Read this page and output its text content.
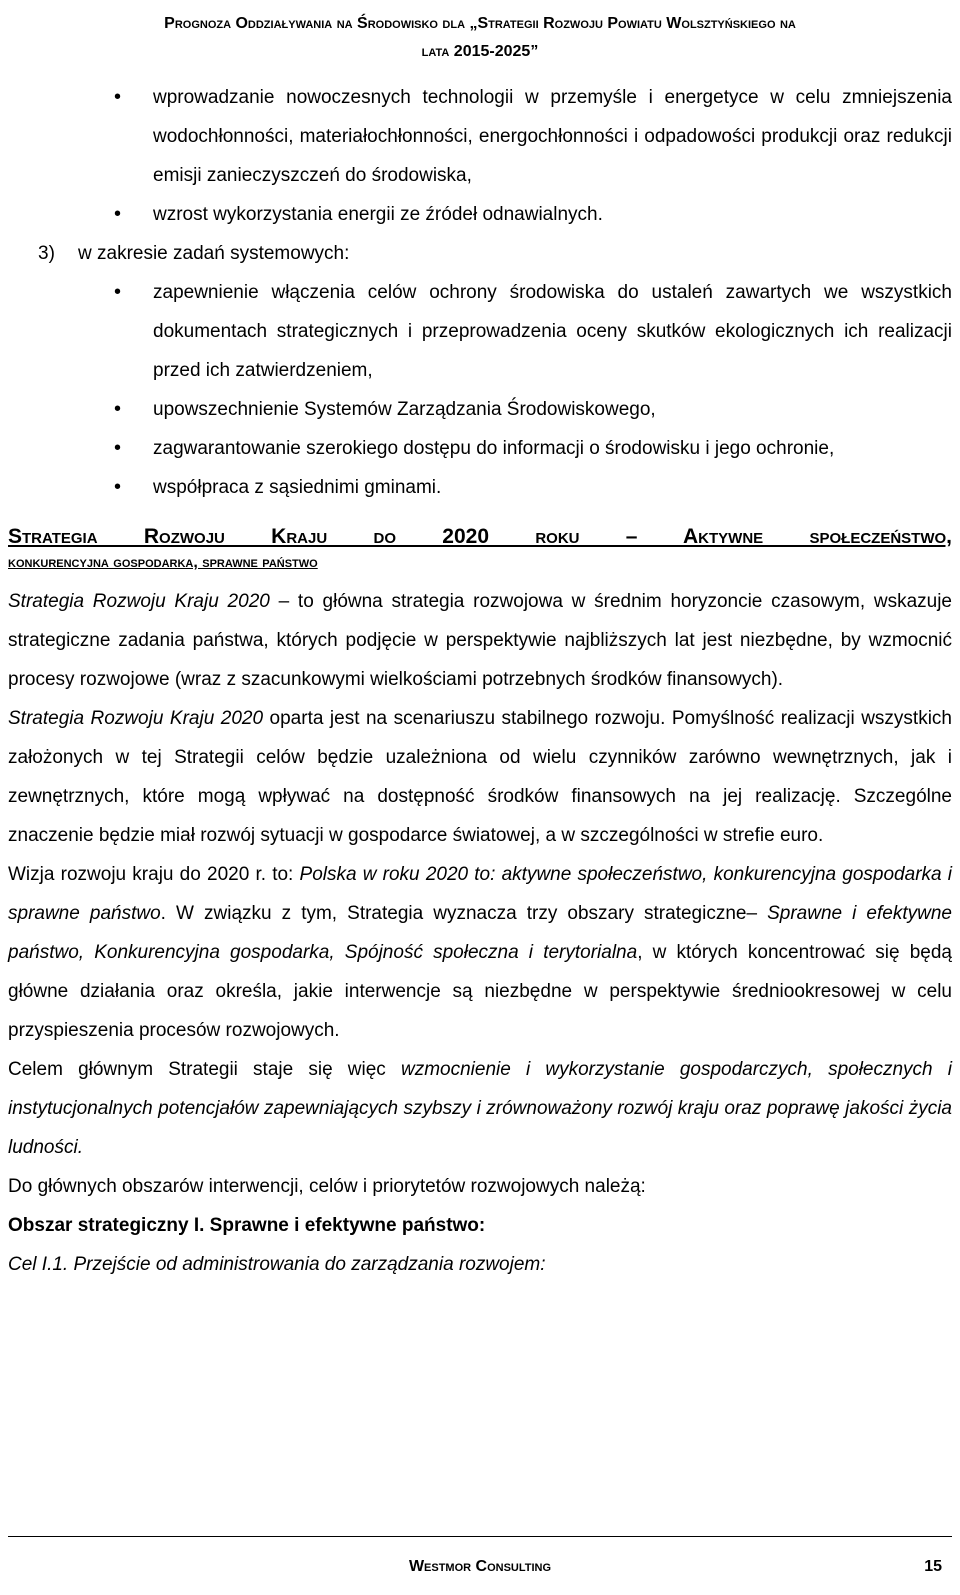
Prognoza Oddziaływania na Środowisko dla „Strategii Rozwoju Powiatu Wolsztyńskiego na
lata 2015-2025”
• wprowadzanie nowoczesnych technologii w przemyśle i energetyce w celu zmniejszenia wodochłonności, materiałochłonności, energochłonności i odpadowości produkcji oraz redukcji emisji zanieczyszczeń do środowiska,
• wzrost wykorzystania energii ze źródeł odnawialnych.
3) w zakresie zadań systemowych:
• zapewnienie włączenia celów ochrony środowiska do ustaleń zawartych we wszystkich dokumentach strategicznych i przeprowadzenia oceny skutków ekologicznych ich realizacji przed ich zatwierdzeniem,
• upowszechnienie Systemów Zarządzania Środowiskowego,
• zagwarantowanie szerokiego dostępu do informacji o środowisku i jego ochronie,
• współpraca z sąsiednimi gminami.
Strategia Rozwoju Kraju do 2020 roku – Aktywne społeczeństwo,
konkurencyjna gospodarka, sprawne państwo

Strategia Rozwoju Kraju 2020 – to główna strategia rozwojowa w średnim horyzoncie czasowym, wskazuje strategiczne zadania państwa, których podjęcie w perspektywie najbliższych lat jest niezbędne, by wzmocnić procesy rozwojowe (wraz z szacunkowymi wielkościami potrzebnych środków finansowych).

Strategia Rozwoju Kraju 2020 oparta jest na scenariuszu stabilnego rozwoju. Pomyślność realizacji wszystkich założonych w tej Strategii celów będzie uzależniona od wielu czynników zarówno wewnętrznych, jak i zewnętrznych, które mogą wpływać na dostępność środków finansowych na jej realizację. Szczególne znaczenie będzie miał rozwój sytuacji w gospodarce światowej, a w szczególności w strefie euro.

Wizja rozwoju kraju do 2020 r. to: Polska w roku 2020 to: aktywne społeczeństwo, konkurencyjna gospodarka i sprawne państwo. W związku z tym, Strategia wyznacza trzy obszary strategiczne– Sprawne i efektywne państwo, Konkurencyjna gospodarka, Spójność społeczna i terytorialna, w których koncentrować się będą główne działania oraz określa, jakie interwencje są niezbędne w perspektywie średniookresowej w celu przyspieszenia procesów rozwojowych.

Celem głównym Strategii staje się więc wzmocnienie i wykorzystanie gospodarczych, społecznych i instytucjonalnych potencjałów zapewniających szybszy i zrównoważony rozwój kraju oraz poprawę jakości życia ludności.

Do głównych obszarów interwencji, celów i priorytetów rozwojowych należą:

Obszar strategiczny I. Sprawne i efektywne państwo:

Cel I.1. Przejście od administrowania do zarządzania rozwojem:

Westmor Consulting	15
